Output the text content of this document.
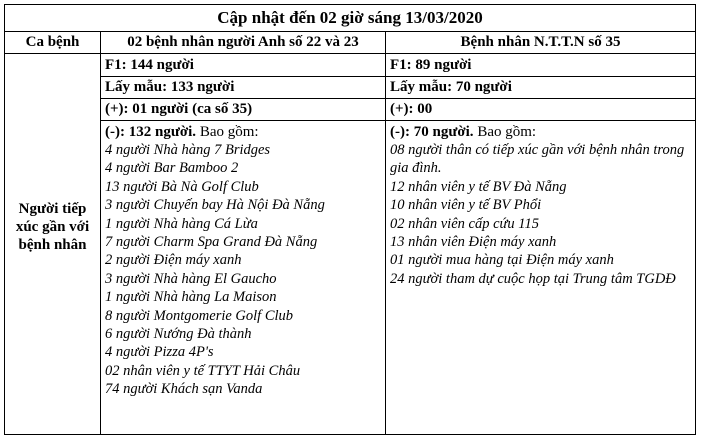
Cập nhật đến 02 giờ sáng 13/03/2020
Ca bệnh	02 bệnh nhân người Anh số 22 và 23	Bệnh nhân N.T.T.N số 35
Người tiếp xúc gần với bệnh nhân
F1: 144 người
Lấy mẫu: 133 người
(+): 01 người (ca số 35)
(-): 132 người. Bao gồm:
4 người Nhà hàng 7 Bridges
4 người Bar Bamboo 2
13 người Bà Nà Golf Club
3 người Chuyến bay Hà Nội Đà Nẵng
1 người Nhà hàng Cá Lừa
7 người Charm Spa Grand Đà Nẵng
2 người Điện máy xanh
3 người Nhà hàng El Gaucho
1 người Nhà hàng La Maison
8 người Montgomerie Golf Club
6 người Nướng Đà thành
4 người Pizza 4P's
02 nhân viên y tế TTYT Hải Châu
74 người Khách sạn Vanda
F1: 89 người
Lấy mẫu: 70 người
(+): 00
(-): 70 người. Bao gồm:
08 người thân có tiếp xúc gần với bệnh nhân trong gia đình.
12 nhân viên y tế BV Đà Nẵng
10 nhân viên y tế BV Phổi
02 nhân viên cấp cứu 115
13 nhân viên Điện máy xanh
01 người mua hàng tại Điện máy xanh
24 người tham dự cuộc họp tại Trung tâm TGDĐ
